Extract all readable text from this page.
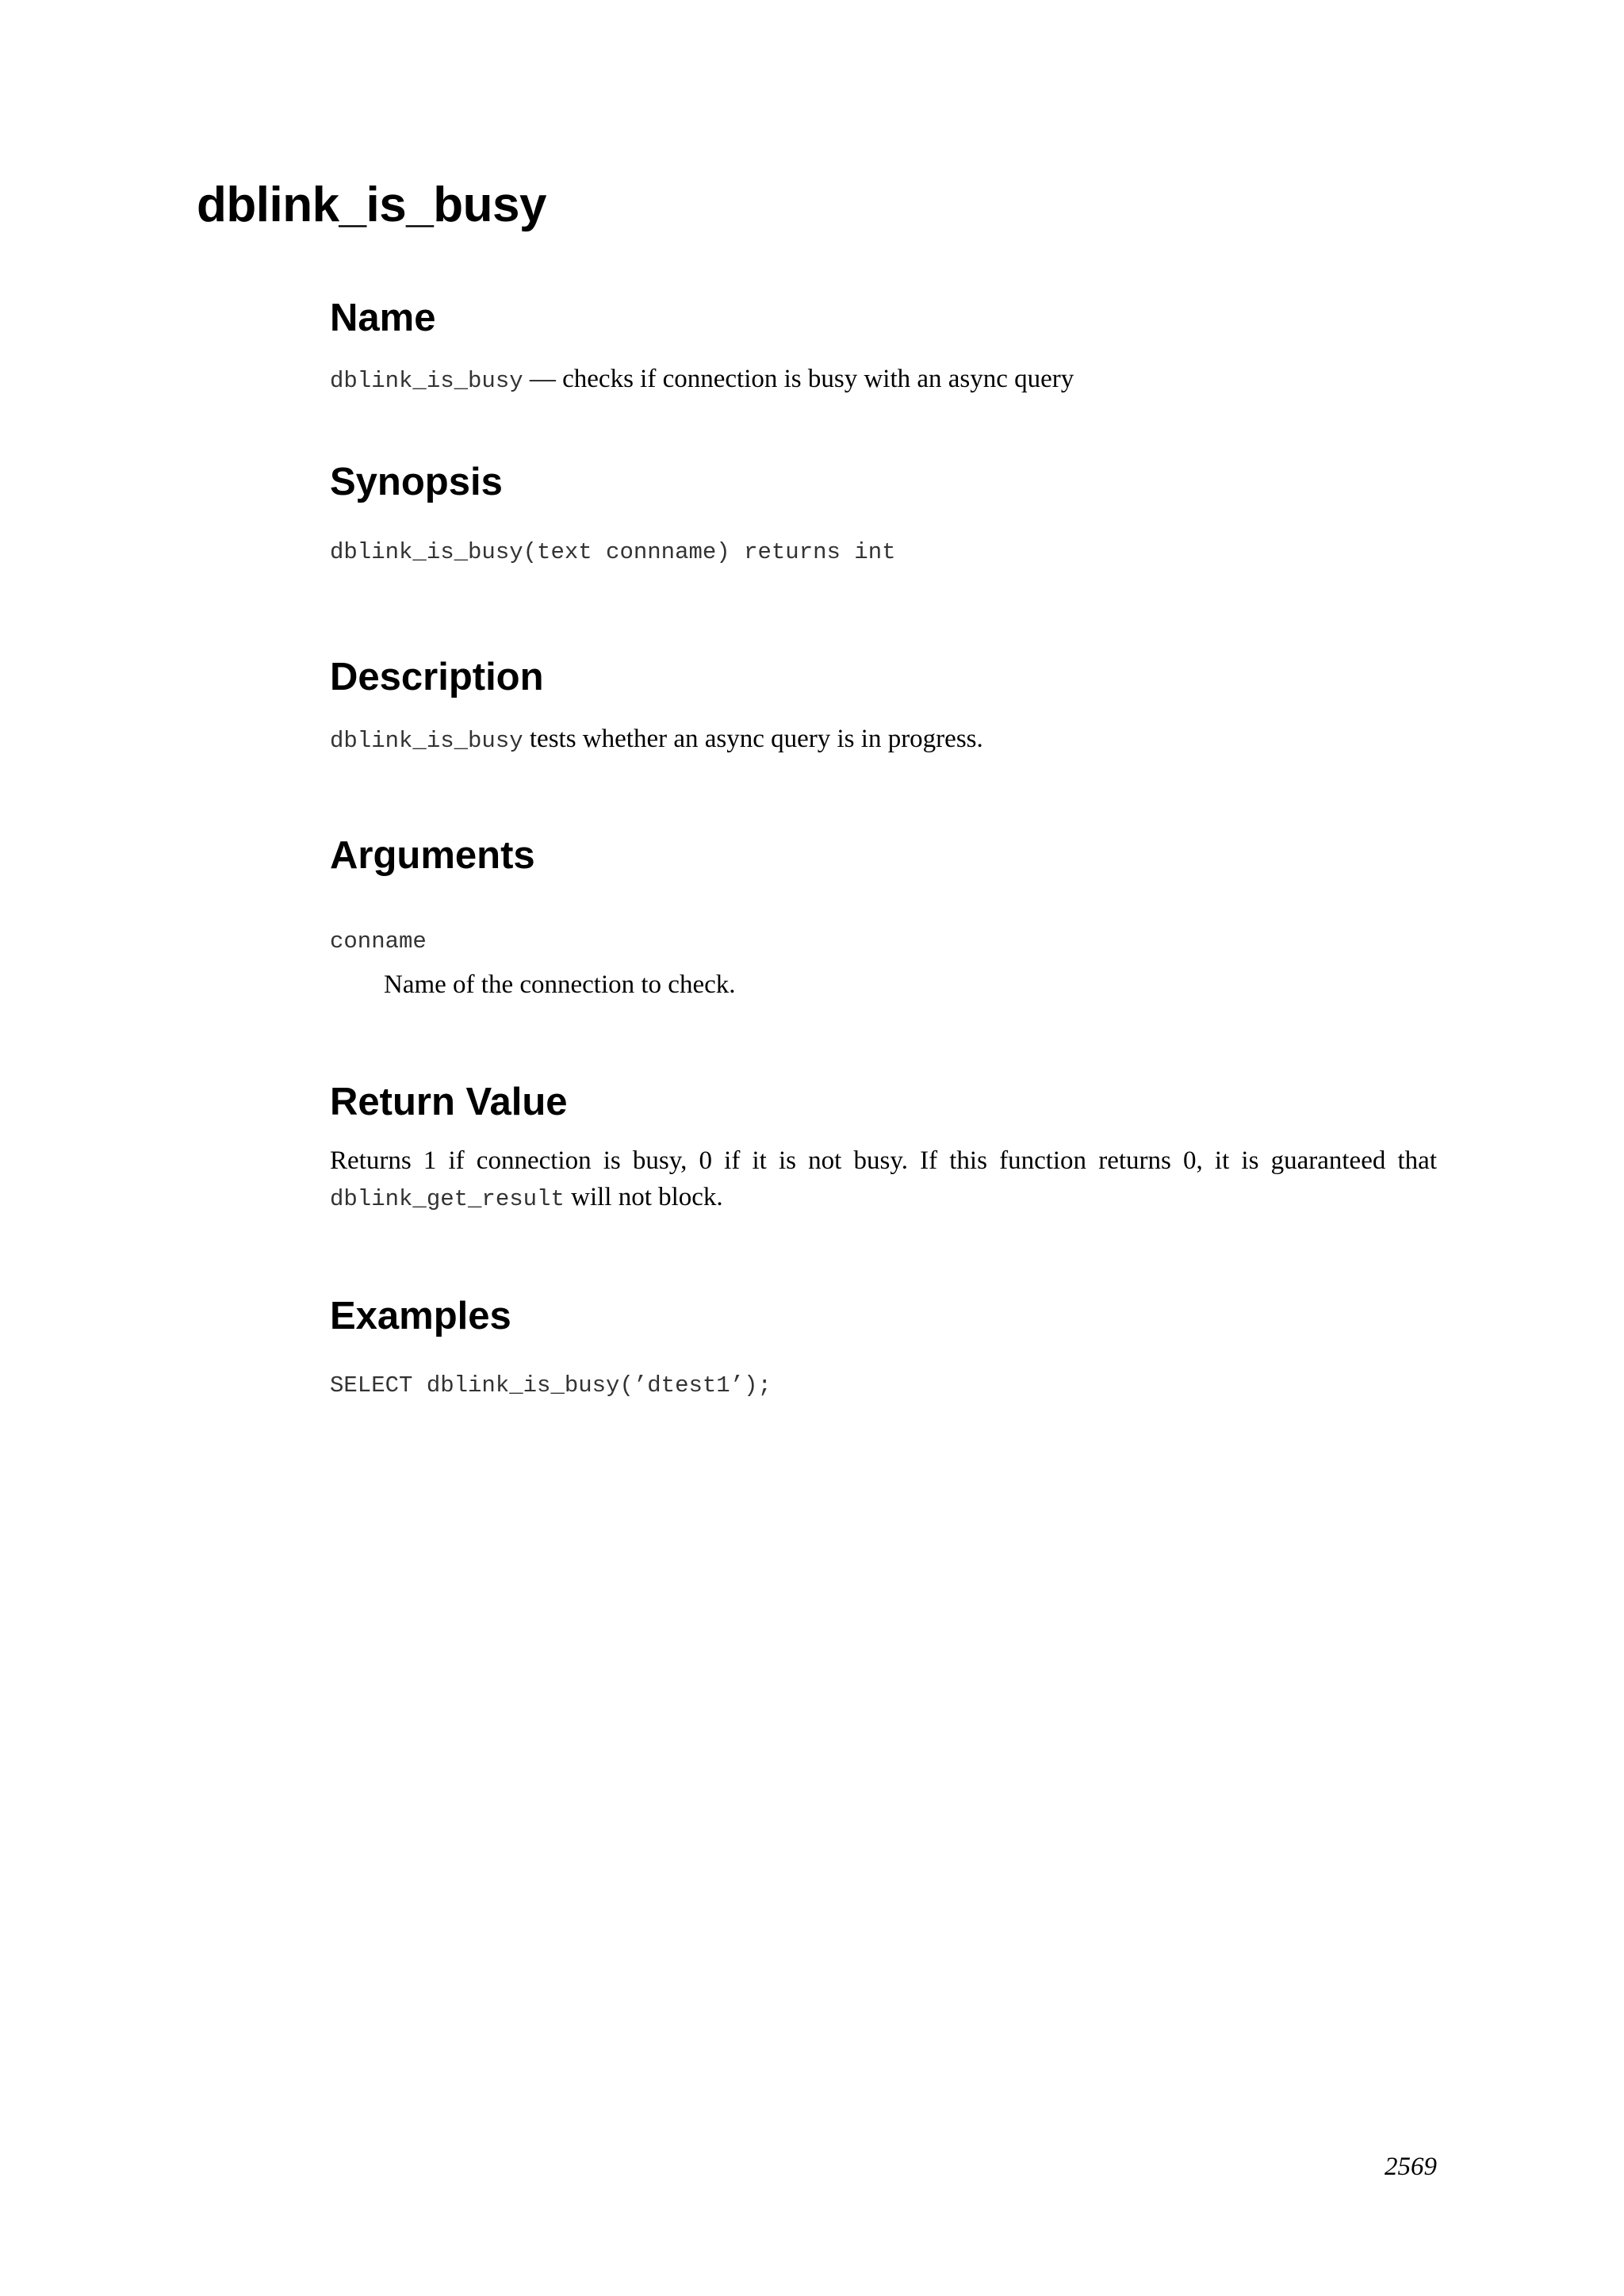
dblink_is_busy
Name

dblink_is_busy — checks if connection is busy with an async query

Synopsis

dblink_is_busy(text connname) returns int

Description

dblink_is_busy tests whether an async query is in progress.

Arguments

conname

Name of the connection to check.

Return Value
Returns 1 if connection is busy, 0 if it is not busy. If this function returns 0, it is guaranteed that dblink_get_result will not block.
Examples

SELECT dblink_is_busy(’dtest1’);

2569
